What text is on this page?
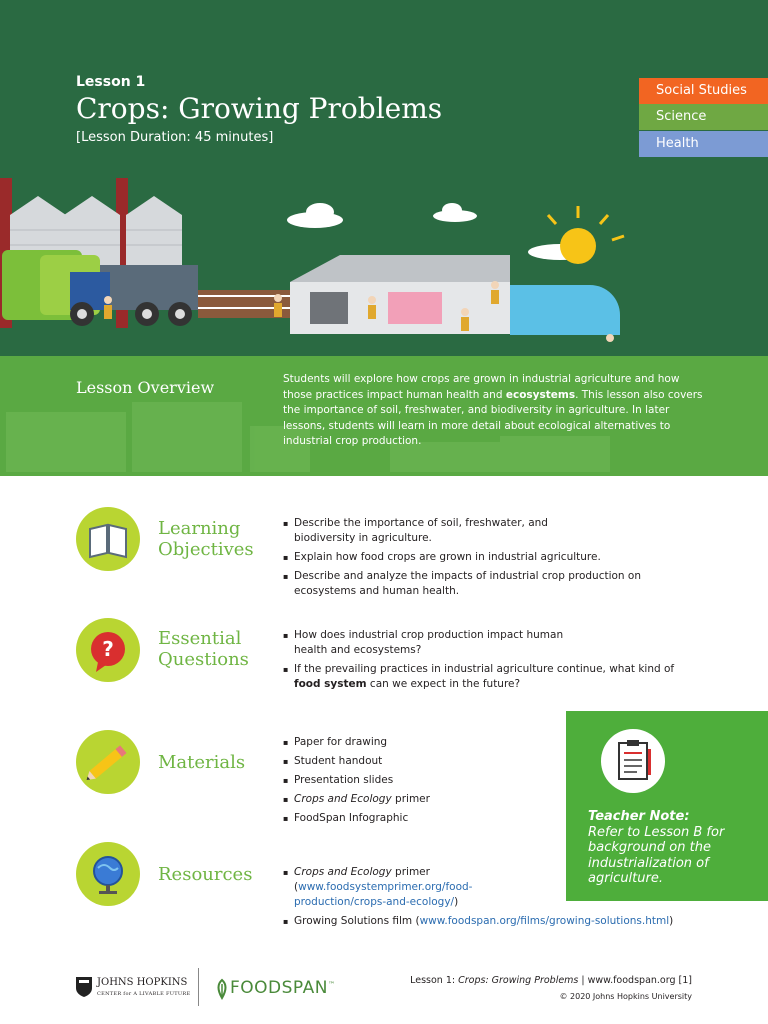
Lesson 1
Crops: Growing Problems
[Lesson Duration: 45 minutes]
Social Studies
Science
Health
Lesson Overview	Students will explore how crops are grown in industrial agriculture and how those practices impact human health and ecosystems. This lesson also covers the importance of soil, freshwater, and biodiversity in agriculture. In later lessons, students will learn in more detail about ecological alternatives to industrial crop production.
Learning
Objectives
▪ Describe the importance of soil, freshwater, and biodiversity in agriculture.
▪ Explain how food crops are grown in industrial agriculture.
▪ Describe and analyze the impacts of industrial crop production on ecosystems and human health.
? Essential
Questions
▪ How does industrial crop production impact human health and ecosystems?
▪ If the prevailing practices in industrial agriculture continue, what kind of food system can we expect in the future?
Materials
▪ Paper for drawing
▪ Student handout
▪ Presentation slides
▪ Crops and Ecology primer
▪ FoodSpan Infographic
Resources
▪	Crops and Ecology primer
(www.foodsystemprimer.org/food-production/crops-and-ecology/)
▪ Growing Solutions film (www.foodspan.org/films/growing-solutions.html)
Teacher Note:
Refer to Lesson B for background on the industrialization of agriculture.
JOHNS HOPKINS
CENTER for A LIVABLE FUTURE FOODSPAN™	Lesson 1: Crops: Growing Problems | www.foodspan.org [1]
© 2020 Johns Hopkins University
